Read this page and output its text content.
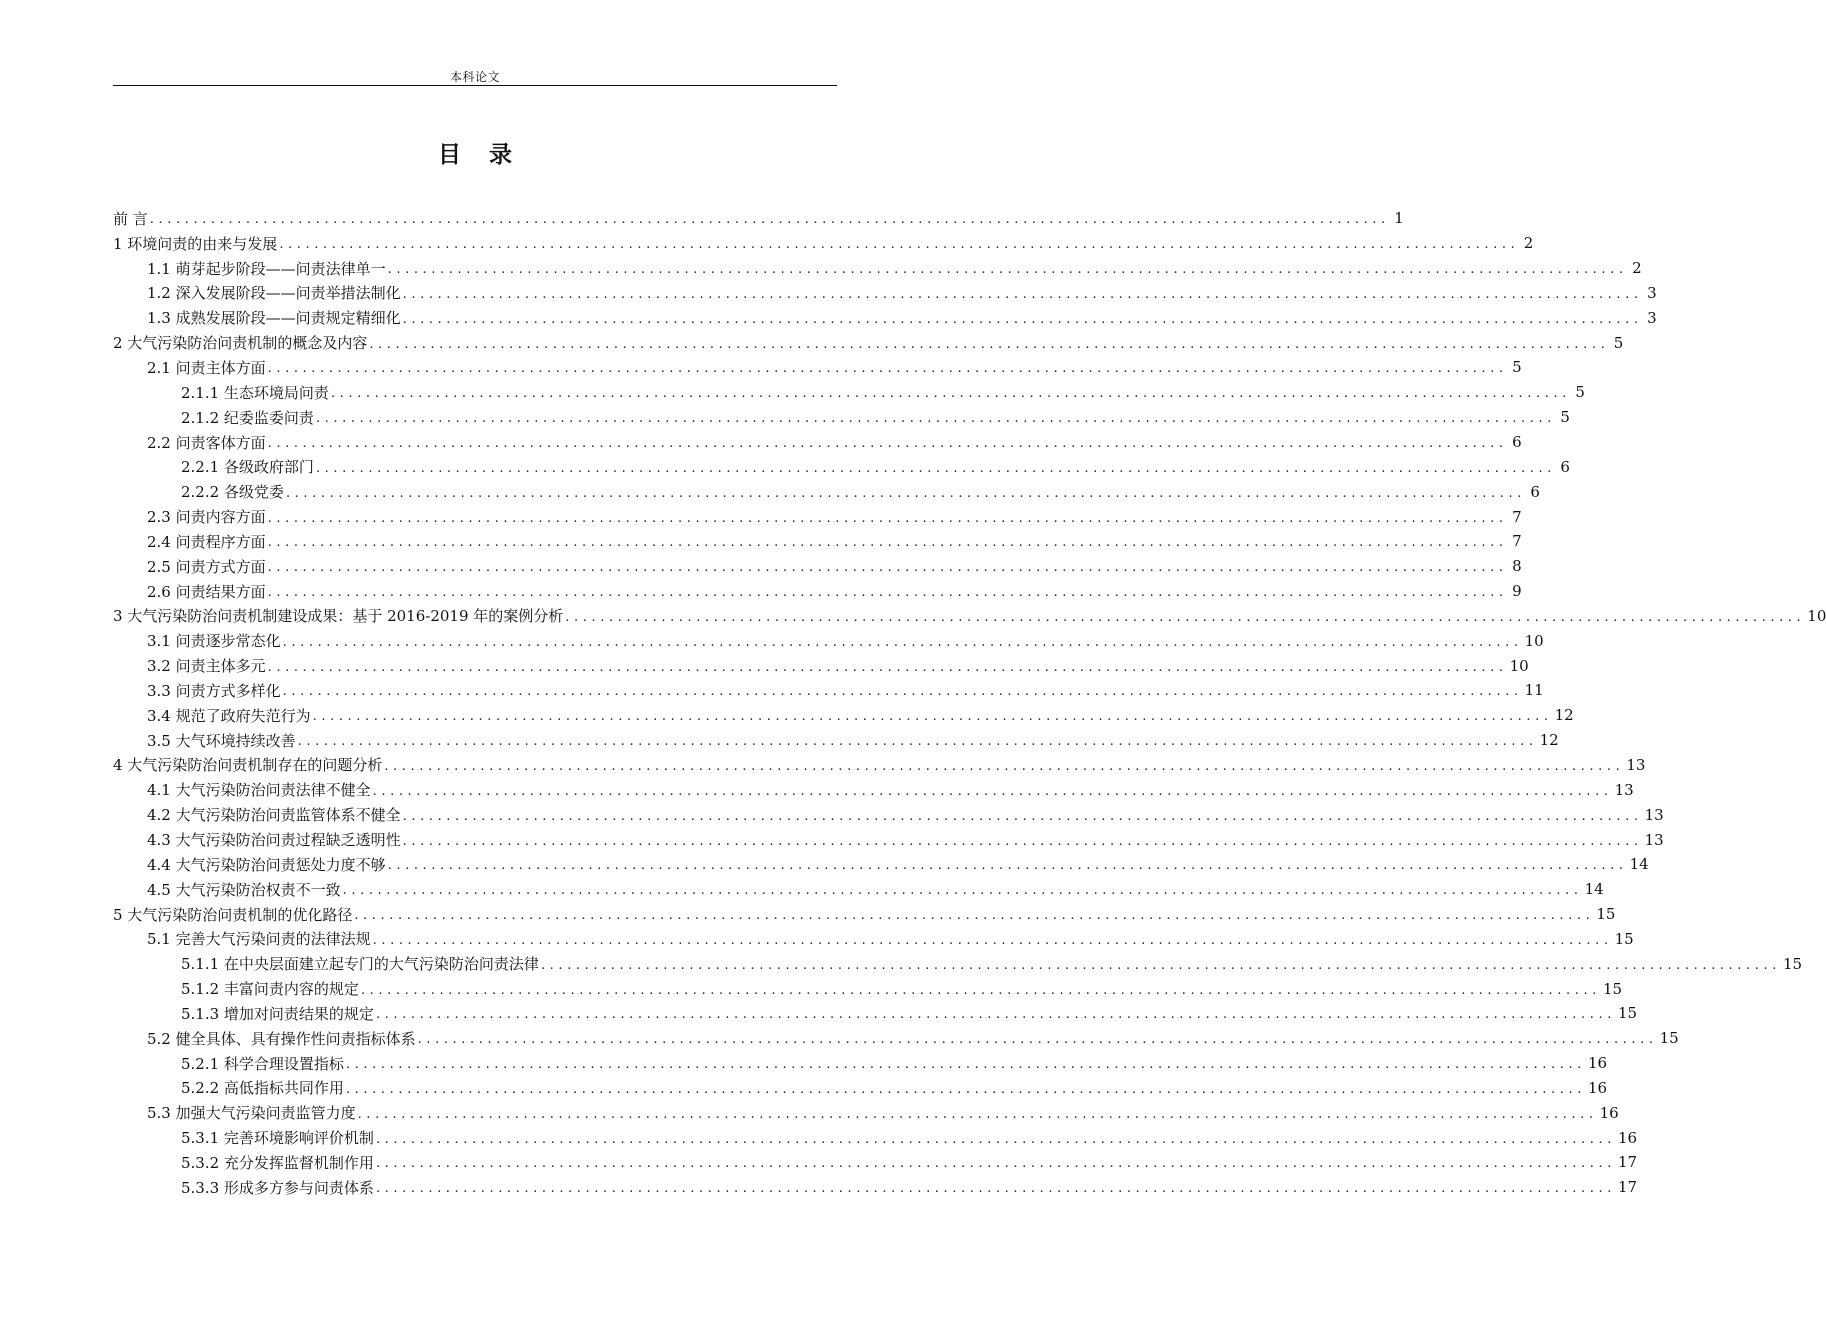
本科论文
目 录
前 言 .............................................................................................................................................. 1
1 环境问责的由来与发展 .............................................................................................................................................. 2
1.1 萌芽起步阶段——问责法律单一 .............................................................................................................................................. 2
1.2 深入发展阶段——问责举措法制化 .............................................................................................................................................. 3
1.3 成熟发展阶段——问责规定精细化 .............................................................................................................................................. 3
2 大气污染防治问责机制的概念及内容 .............................................................................................................................................. 5
2.1 问责主体方面 .............................................................................................................................................. 5
2.1.1 生态环境局问责 .............................................................................................................................................. 5
2.1.2 纪委监委问责 .............................................................................................................................................. 5
2.2 问责客体方面 .............................................................................................................................................. 6
2.2.1 各级政府部门 .............................................................................................................................................. 6
2.2.2 各级党委 .............................................................................................................................................. 6
2.3 问责内容方面 .............................................................................................................................................. 7
2.4 问责程序方面 .............................................................................................................................................. 7
2.5 问责方式方面 .............................................................................................................................................. 8
2.6 问责结果方面 .............................................................................................................................................. 9
3 大气污染防治问责机制建设成果：基于 2016-2019 年的案例分析 .............................................................................................................................................. 10
3.1 问责逐步常态化 .............................................................................................................................................. 10
3.2 问责主体多元 .............................................................................................................................................. 10
3.3 问责方式多样化 .............................................................................................................................................. 11
3.4 规范了政府失范行为 .............................................................................................................................................. 12
3.5 大气环境持续改善 .............................................................................................................................................. 12
4 大气污染防治问责机制存在的问题分析 .............................................................................................................................................. 13
4.1 大气污染防治问责法律不健全 .............................................................................................................................................. 13
4.2 大气污染防治问责监管体系不健全 .............................................................................................................................................. 13
4.3 大气污染防治问责过程缺乏透明性 .............................................................................................................................................. 13
4.4 大气污染防治问责惩处力度不够 .............................................................................................................................................. 14
4.5 大气污染防治权责不一致 .............................................................................................................................................. 14
5 大气污染防治问责机制的优化路径 .............................................................................................................................................. 15
5.1 完善大气污染问责的法律法规 .............................................................................................................................................. 15
5.1.1 在中央层面建立起专门的大气污染防治问责法律 .............................................................................................................................................. 15
5.1.2 丰富问责内容的规定 .............................................................................................................................................. 15
5.1.3 增加对问责结果的规定 .............................................................................................................................................. 15
5.2 健全具体、具有操作性问责指标体系 .............................................................................................................................................. 15
5.2.1 科学合理设置指标 .............................................................................................................................................. 16
5.2.2 高低指标共同作用 .............................................................................................................................................. 16
5.3 加强大气污染问责监管力度 .............................................................................................................................................. 16
5.3.1 完善环境影响评价机制 .............................................................................................................................................. 16
5.3.2 充分发挥监督机制作用 .............................................................................................................................................. 17
5.3.3 形成多方参与问责体系 .............................................................................................................................................. 17
